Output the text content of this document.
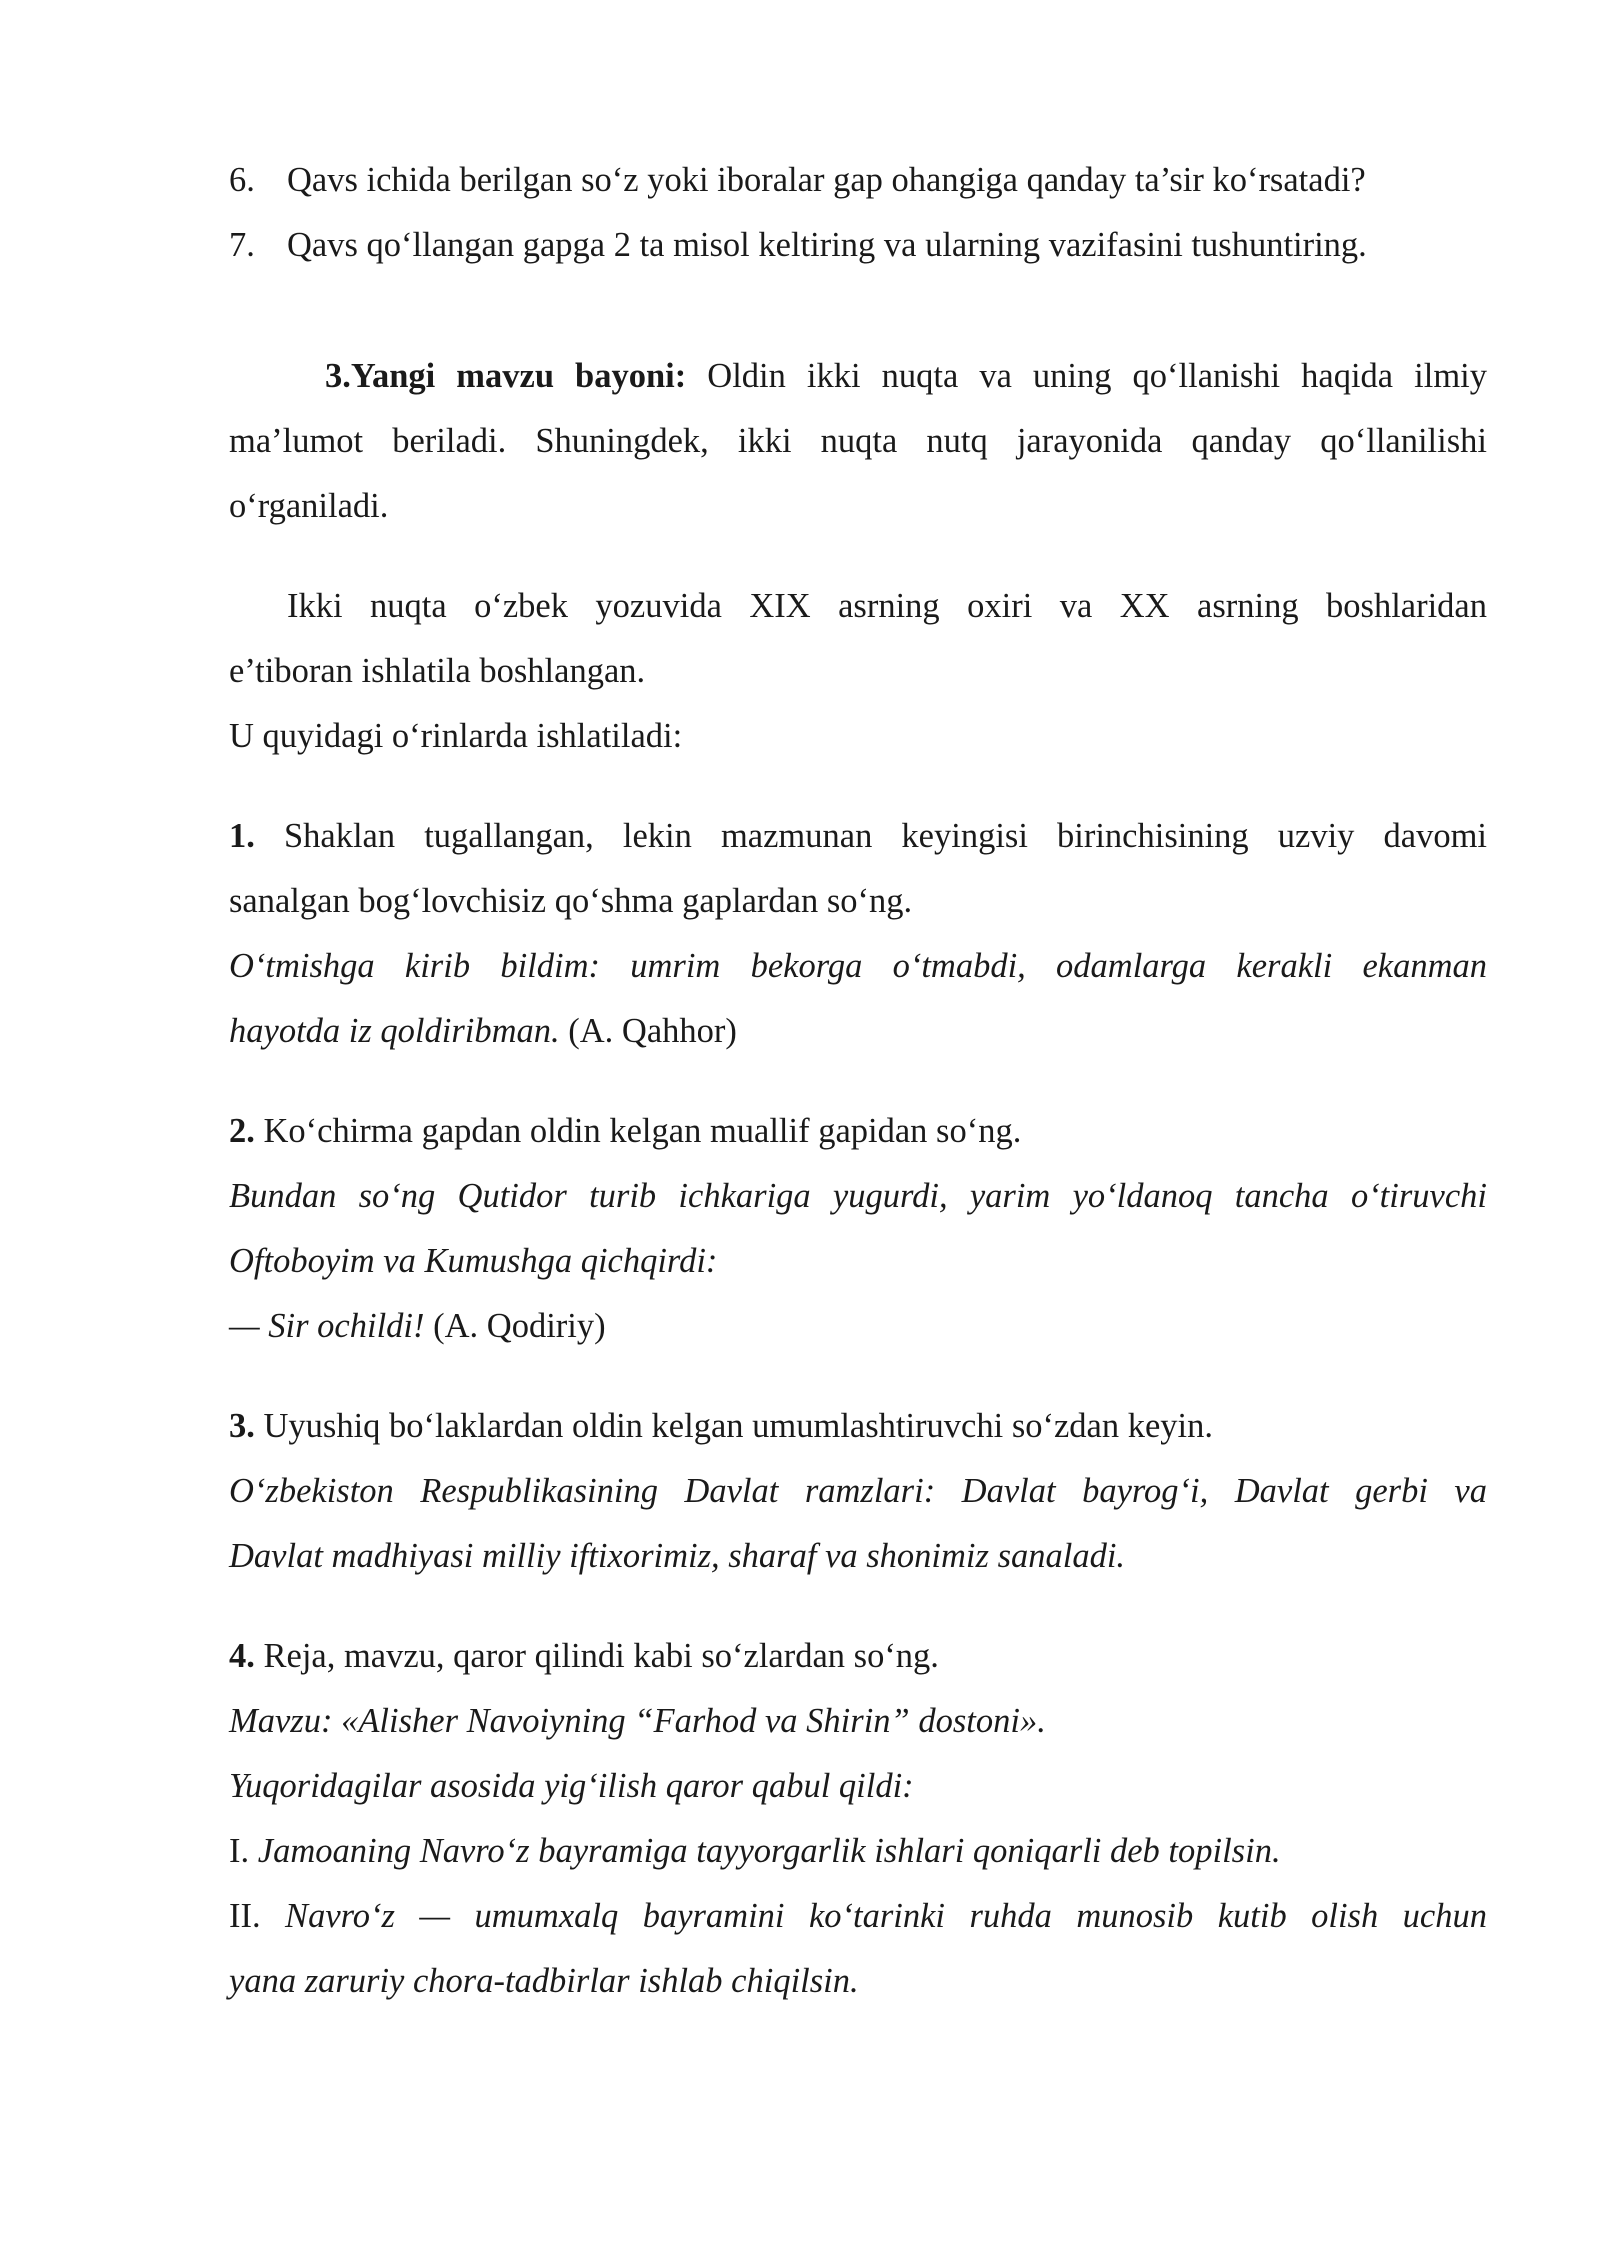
6. Qavs ichida berilgan so‘z yoki iboralar gap ohangiga qanday ta’sir ko‘rsatadi?
7. Qavs qo‘llangan gapga 2 ta misol keltiring va ularning vazifasini tushuntiring.
3.Yangi mavzu bayoni: Oldin ikki nuqta va uning qo‘llanishi haqida ilmiy
ma’lumot beriladi. Shuningdek, ikki nuqta nutq jarayonida qanday qo‘llanilishi
o‘rganiladi.
Ikki nuqta o‘zbek yozuvida XIX asrning oxiri va XX asrning boshlaridan
e’tiboran ishlatila boshlangan.
U quyidagi o‘rinlarda ishlatiladi:
1. Shaklan tugallangan, lekin mazmunan keyingisi birinchisining uzviy davomi
sanalgan bog‘lovchisiz qo‘shma gaplardan so‘ng.
O‘tmishga kirib bildim: umrim bekorga o‘tmabdi, odamlarga kerakli ekanman
hayotda iz qoldiribman. (A. Qahhor)
2. Ko‘chirma gapdan oldin kelgan muallif gapidan so‘ng.
Bundan so‘ng Qutidor turib ichkariga yugurdi, yarim yo‘ldanoq tancha o‘tiruvchi
Oftoboyim va Kumushga qichqirdi:
— Sir ochildi! (A. Qodiriy)
3. Uyushiq bo‘laklardan oldin kelgan umumlashtiruvchi so‘zdan keyin.
O‘zbekiston Respublikasining Davlat ramzlari: Davlat bayrog‘i, Davlat gerbi va
Davlat madhiyasi milliy iftixorimiz, sharaf va shonimiz sanaladi.
4. Reja, mavzu, qaror qilindi kabi so‘zlardan so‘ng.
Mavzu: «Alisher Navoiyning “Farhod va Shirin” dostoni».
Yuqoridagilar asosida yig‘ilish qaror qabul qildi:
I. Jamoaning Navro‘z bayramiga tayyorgarlik ishlari qoniqarli deb topilsin.
II. Navro‘z — umumxalq bayramini ko‘tarinki ruhda munosib kutib olish uchun
yana zaruriy chora-tadbirlar ishlab chiqilsin.
